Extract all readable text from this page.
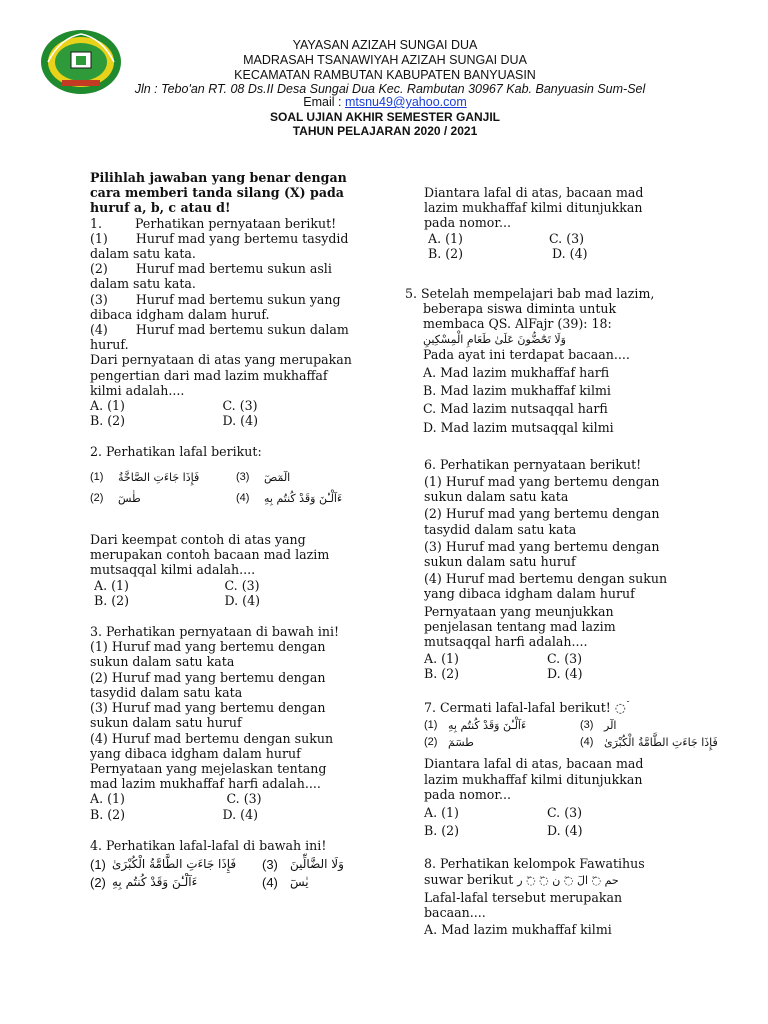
YAYASAN AZIZAH SUNGAI DUA
MADRASAH TSANAWIYAH AZIZAH SUNGAI DUA
KECAMATAN RAMBUTAN KABUPATEN BANYUASIN
Jln : Tebo'an RT. 08 Ds.II Desa Sungai Dua Kec. Rambutan 30967 Kab. Banyuasin Sum-Sel
Email : mtsnu49@yahoo.com
SOAL UJIAN AKHIR SEMESTER GANJIL
TAHUN PELAJARAN 2020 / 2021

Pilihlah jawaban yang benar dengan cara memberi tanda silang (X) pada huruf a, b, c atau d!

1.	Perhatikan pernyataan berikut!

(1) Huruf mad yang bertemu tasydid dalam satu kata.

(2) Huruf mad bertemu sukun asli dalam satu kata.

(3) Huruf mad bertemu sukun yang dibaca idgham dalam huruf.

(4) Huruf mad bertemu sukun dalam huruf.

Dari pernyataan di atas yang merupakan pengertian dari mad lazim mukhaffaf kilmi adalah....

A. (1)	C. (3)
B. (2)	D. (4)

2. Perhatikan lafal berikut:

(1)	فَإِذَا جَاءَتِ الصَّاخَّةُ	(3)	الٓمٓصٓ
(2)	طٰسٓ	(4)	ءَآلْـٰٔنَ وَقَدْ كُنتُم بِهِ

Dari keempat contoh di atas yang merupakan contoh bacaan mad lazim mutsaqqal kilmi adalah....

A. (1)	C. (3)
B. (2)	D. (4)

3. Perhatikan pernyataan di bawah ini!

(1) Huruf mad yang bertemu dengan sukun dalam satu kata

(2) Huruf mad yang bertemu dengan tasydid dalam satu kata

(3) Huruf mad yang bertemu dengan sukun dalam satu huruf

(4) Huruf mad bertemu dengan sukun yang dibaca idgham dalam huruf

Pernyataan yang mejelaskan tentang mad lazim mukhaffaf harfi adalah....

A. (1)	C. (3)
B. (2)	D. (4)

4. Perhatikan lafal-lafal di bawah ini!

(1) فَإِذَا جَاءَتِ الطَّامَّةُ الْكُبْرَىٰ	(3)	وَلَا الضَّالِّينَ
(2) ءَآلْـٰٔنَ وَقَدْ كُنتُم بِهِ	(4)	يٰسٓ

Diantara lafal di atas, bacaan mad lazim mukhaffaf kilmi ditunjukkan pada nomor...

A. (1)	C. (3)
B. (2)	D. (4)

5. Setelah mempelajari bab mad lazim, beberapa siswa diminta untuk membaca QS. AlFajr (39): 18:

وَلَا تَحَٰٓضُّونَ عَلَىٰ طَعَامِ الْمِسْكِينِ

Pada ayat ini terdapat bacaan....

A. Mad lazim mukhaffaf harfi

B. Mad lazim mukhaffaf kilmi

C. Mad lazim nutsaqqal harfi

D. Mad lazim mutsaqqal kilmi

6. Perhatikan pernyataan berikut!

(1) Huruf mad yang bertemu dengan sukun dalam satu kata

(2) Huruf mad yang bertemu dengan tasydid dalam satu kata

(3) Huruf mad yang bertemu dengan sukun dalam satu huruf

(4) Huruf mad bertemu dengan sukun yang dibaca idgham dalam huruf

Pernyataan yang meunjukkan penjelasan tentang mad lazim mutsaqqal harfi adalah....

A. (1)	C. (3)
B. (2)	D. (4)

7. Cermati lafal-lafal berikut! ◌ۡ

(1) ءَآلْـٰٔنَ وَقَدْ كُنتُم بِهِ	(3) الٓر
(2) طسٓمٓ	(4) فَإِذَا جَاءَتِ الطَّامَّةُ الْكُبْرَىٰ

Diantara lafal di atas, bacaan mad lazim mukhaffaf kilmi ditunjukkan pada nomor...

A. (1)	C. (3)
B. (2)	D. (4)

8. Perhatikan kelompok Fawatihus suwar berikut حم ◌ٓ الٓ ◌ٓ ن ◌ٓ ◌ٓ ر

Lafal-lafal tersebut merupakan bacaan....

A. Mad lazim mukhaffaf kilmi
